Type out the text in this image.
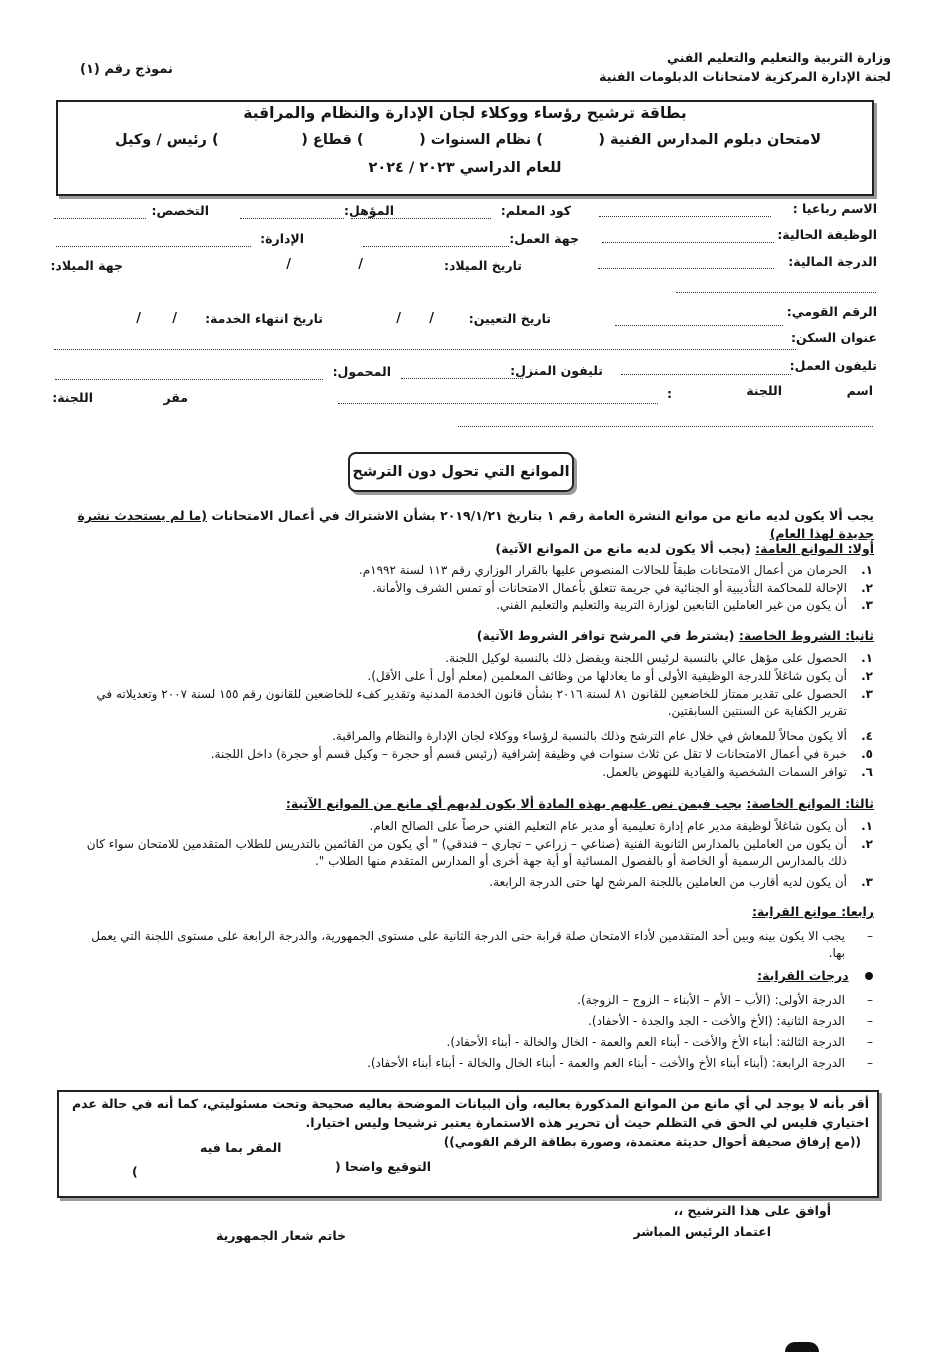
وزارة التربية والتعليم والتعليم الفني
لجنة الإدارة المركزية لامتحانات الدبلومات الفنية
نموذج رقم (١)
بطاقة ترشيح رؤساء ووكلاء لجان الإدارة والنظام والمراقبة
لامتحان دبلوم المدارس الفنية (           ) نظام السنوات (           ) قطاع (
) رئيس / وكيل
للعام الدراسي ٢٠٢٣ / ٢٠٢٤
الاسم رباعيا :
كود المعلم:
المؤهل:
التخصص:
الوظيفة الحالية:
جهة العمل:
الإدارة:
الدرجة المالية:
تاريخ الميلاد:
/
/
جهة الميلاد:
الرقم القومي:
تاريخ التعيين:
/
/
تاريخ انتهاء الخدمة:
/
/
عنوان السكن:
تليفون العمل:
تليفون المنزل:
المحمول:
اسم
اللجنة
:
مقر
اللجنة:
الموانع التي تحول دون الترشح
يجب ألا يكون لديه مانع من موانع النشرة العامة رقم ١ بتاريخ ٢٠١٩/١/٢١ بشأن الاشتراك في أعمال الامتحانات (ما لم يستحدث نشرة جديدة لهذا العام)
أولا: الموانع العامة: (يجب ألا يكون لديه مانع من الموانع الآتية)
١.
الحرمان من أعمال الامتحانات طبقاً للحالات المنصوص عليها بالقرار الوزاري رقم ١١٣ لسنة ١٩٩٢م.
٢.
الإحالة للمحاكمة التأديبية أو الجنائية في جريمة تتعلق بأعمال الامتحانات أو تمس الشرف والأمانة.
٣.
أن يكون من غير العاملين التابعين لوزارة التربية والتعليم والتعليم الفني.
ثانيا: الشروط الخاصة: (يشترط في المرشح توافر الشروط الآتية)
١.
الحصول على مؤهل عالي بالنسبة لرئيس اللجنة ويفضل ذلك بالنسبة لوكيل اللجنة.
٢.
أن يكون شاغلاً للدرجة الوظيفية الأولى أو ما يعادلها من وظائف المعلمين (معلم أول أ على الأقل).
٣.
الحصول على تقدير ممتاز للخاضعين للقانون ٨١ لسنة ٢٠١٦ بشأن قانون الخدمة المدنية وتقدير كفء للخاضعين للقانون رقم ١٥٥ لسنة ٢٠٠٧ وتعديلاته في تقرير الكفاية عن السنتين السابقتين.
٤.
ألا يكون محالاً للمعاش في خلال عام الترشح وذلك بالنسبة لرؤساء ووكلاء لجان الإدارة والنظام والمراقبة.
٥.
خبرة في أعمال الامتحانات لا تقل عن ثلاث سنوات في وظيفة إشرافية (رئيس قسم أو حجرة – وكيل قسم أو حجرة) داخل اللجنة.
٦.
توافر السمات الشخصية والقيادية للنهوض بالعمل.
ثالثا: الموانع الخاصة: يجب فيمن نص عليهم بهذه المادة ألا يكون لديهم أي مانع من الموانع الآتية:
١.
أن يكون شاغلاً لوظيفة مدير عام إدارة تعليمية أو مدير عام التعليم الفني حرصاً على الصالح العام.
٢.
أن يكون من العاملين بالمدارس الثانوية الفنية (صناعي – زراعي – تجاري – فندقي) " أي يكون من القائمين بالتدريس للطلاب المتقدمين للامتحان سواء كان ذلك بالمدارس الرسمية أو الخاصة أو بالفصول المسائية أو أية جهة أخرى أو المدارس المتقدم منها الطلاب ".
٣.
أن يكون لديه أقارب من العاملين باللجنة المرشح لها حتى الدرجة الرابعة.
رابعا: موانع القرابة:
–
يجب الا يكون بينه وبين أحد المتقدمين لأداء الامتحان صلة قرابة حتى الدرجة الثانية على مستوى الجمهورية، والدرجة الرابعة على مستوى اللجنة التي يعمل بها.
درجات القرابة:
–
الدرجة الأولى: (الأب – الأم – الأبناء – الزوج – الزوجة).
–
الدرجة الثانية: (الأخ والأخت - الجد والجدة - الأحفاد).
–
الدرجة الثالثة: أبناء الأخ والأخت - أبناء العم والعمة - الخال والخالة - أبناء الأحفاد).
–
الدرجة الرابعة: (أبناء أبناء الأخ والأخت - أبناء العم والعمة - أبناء الخال والخالة - أبناء أبناء الأحفاد).
أقر بأنه لا يوجد لي أي مانع من الموانع المذكورة بعاليه، وأن البيانات الموضحة بعاليه صحيحة وتحت مسئوليتي، كما أنه في حالة عدم اختياري فليس لي الحق في التظلم حيث أن تحرير هذه الاستمارة يعتبر ترشيحا وليس اختيارا.
((مع إرفاق صحيفة أحوال حديثة معتمدة، وصورة بطاقة الرقم القومي))
المقر بما فيه
التوقيع واضحا (
)
أوافق على هذا الترشيح ،،
اعتماد الرئيس المباشر
خاتم شعار الجمهورية
